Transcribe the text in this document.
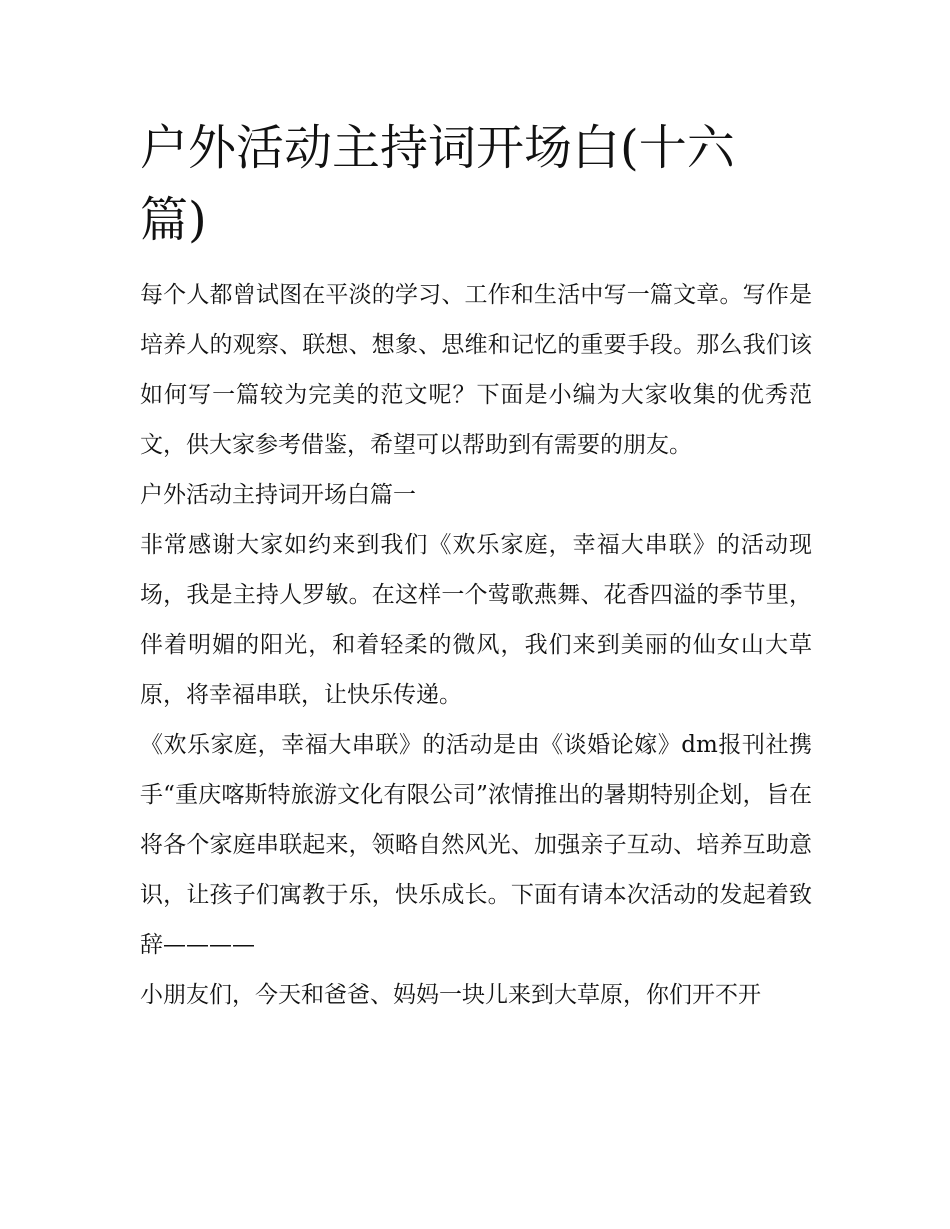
户外活动主持词开场白(十六篇)

每个人都曾试图在平淡的学习、工作和生活中写一篇文章。写作是培养人的观察、联想、想象、思维和记忆的重要手段。那么我们该如何写一篇较为完美的范文呢？下面是小编为大家收集的优秀范文，供大家参考借鉴，希望可以帮助到有需要的朋友。

户外活动主持词开场白篇一

非常感谢大家如约来到我们《欢乐家庭，幸福大串联》的活动现场，我是主持人罗敏。在这样一个莺歌燕舞、花香四溢的季节里，伴着明媚的阳光，和着轻柔的微风，我们来到美丽的仙女山大草原，将幸福串联，让快乐传递。

《欢乐家庭，幸福大串联》的活动是由《谈婚论嫁》dm报刊社携手“重庆喀斯特旅游文化有限公司”浓情推出的暑期特别企划，旨在将各个家庭串联起来，领略自然风光、加强亲子互动、培养互助意识，让孩子们寓教于乐，快乐成长。下面有请本次活动的发起着致辞————

小朋友们，今天和爸爸、妈妈一块儿来到大草原，你们开不开
